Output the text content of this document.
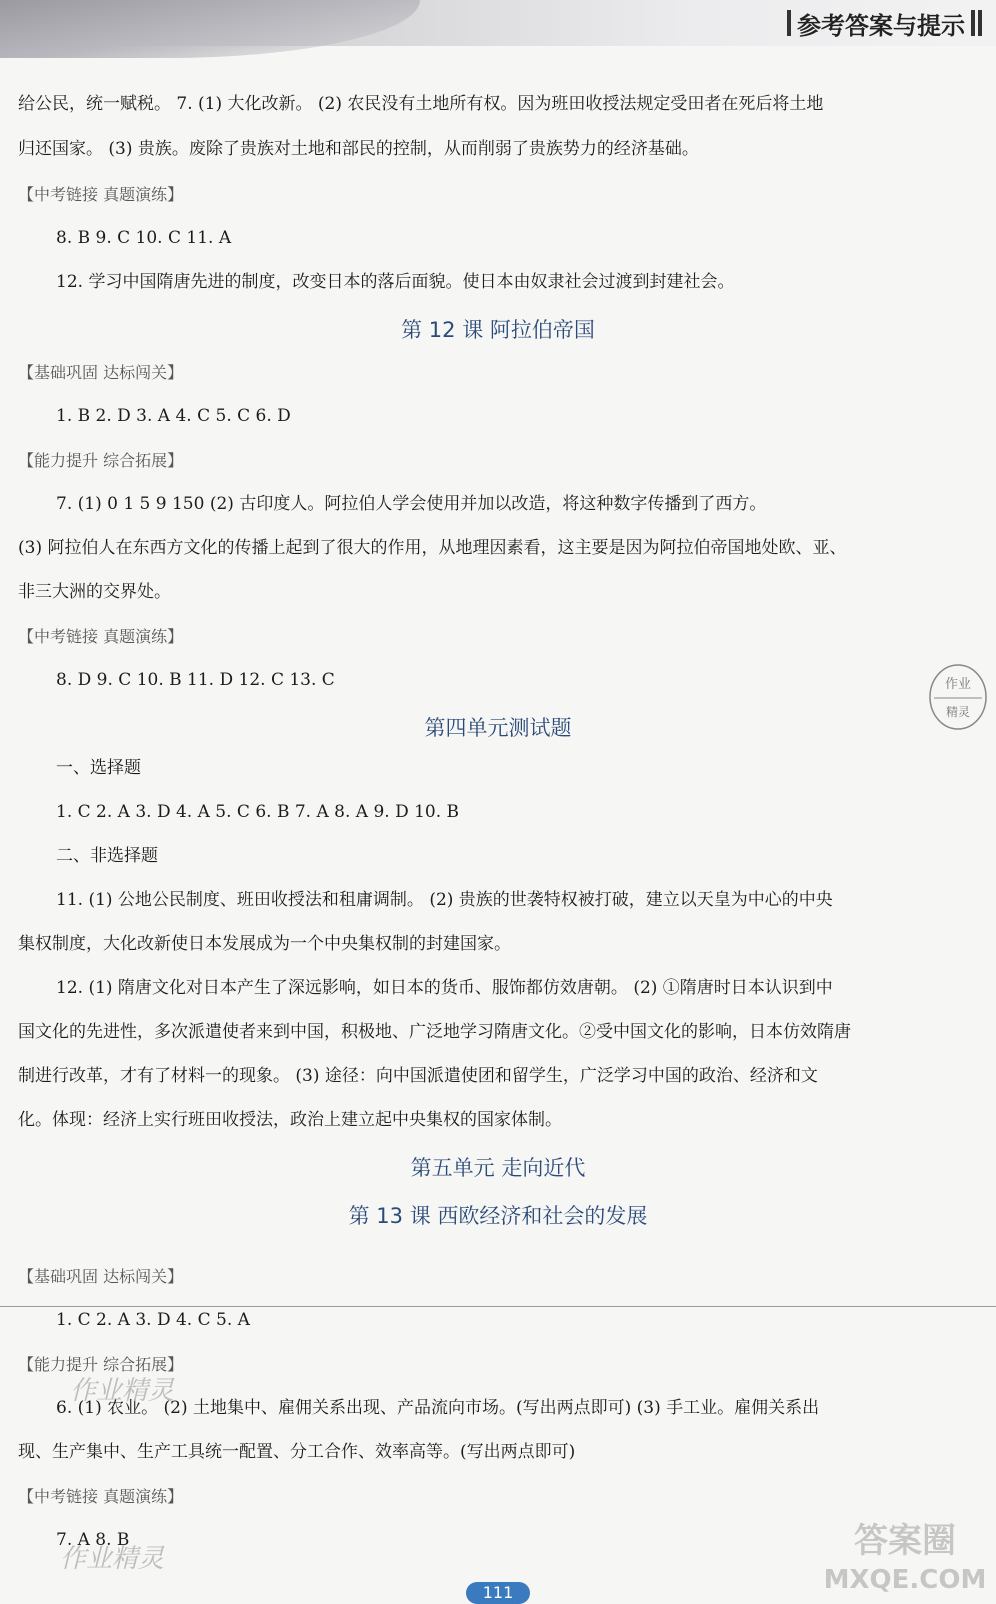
参考答案与提示
给公民，统一赋税。 7. (1) 大化改新。 (2) 农民没有土地所有权。因为班田收授法规定受田者在死后将土地
归还国家。 (3) 贵族。废除了贵族对土地和部民的控制，从而削弱了贵族势力的经济基础。
【中考链接 真题演练】
8. B 9. C 10. C 11. A
12. 学习中国隋唐先进的制度，改变日本的落后面貌。使日本由奴隶社会过渡到封建社会。
第 12 课 阿拉伯帝国
【基础巩固 达标闯关】
1. B 2. D 3. A 4. C 5. C 6. D
【能力提升 综合拓展】
7. (1) 0 1 5 9 150 (2) 古印度人。阿拉伯人学会使用并加以改造，将这种数字传播到了西方。
(3) 阿拉伯人在东西方文化的传播上起到了很大的作用，从地理因素看，这主要是因为阿拉伯帝国地处欧、亚、
非三大洲的交界处。
【中考链接 真题演练】
8. D 9. C 10. B 11. D 12. C 13. C
第四单元测试题
一、选择题
1. C 2. A 3. D 4. A 5. C 6. B 7. A 8. A 9. D 10. B
二、非选择题
11. (1) 公地公民制度、班田收授法和租庸调制。 (2) 贵族的世袭特权被打破，建立以天皇为中心的中央
集权制度，大化改新使日本发展成为一个中央集权制的封建国家。
12. (1) 隋唐文化对日本产生了深远影响，如日本的货币、服饰都仿效唐朝。 (2) ①隋唐时日本认识到中
国文化的先进性，多次派遣使者来到中国，积极地、广泛地学习隋唐文化。②受中国文化的影响，日本仿效隋唐
制进行改革，才有了材料一的现象。 (3) 途径：向中国派遣使团和留学生，广泛学习中国的政治、经济和文
化。体现：经济上实行班田收授法，政治上建立起中央集权的国家体制。
第五单元 走向近代
第 13 课 西欧经济和社会的发展
【基础巩固 达标闯关】
1. C 2. A 3. D 4. C 5. A
【能力提升 综合拓展】
6. (1) 农业。 (2) 土地集中、雇佣关系出现、产品流向市场。(写出两点即可) (3) 手工业。雇佣关系出
现、生产集中、生产工具统一配置、分工合作、效率高等。(写出两点即可)
【中考链接 真题演练】
7. A 8. B
作业精灵
作业精灵
作业
精灵
答案圈
MXQE.COM
111
